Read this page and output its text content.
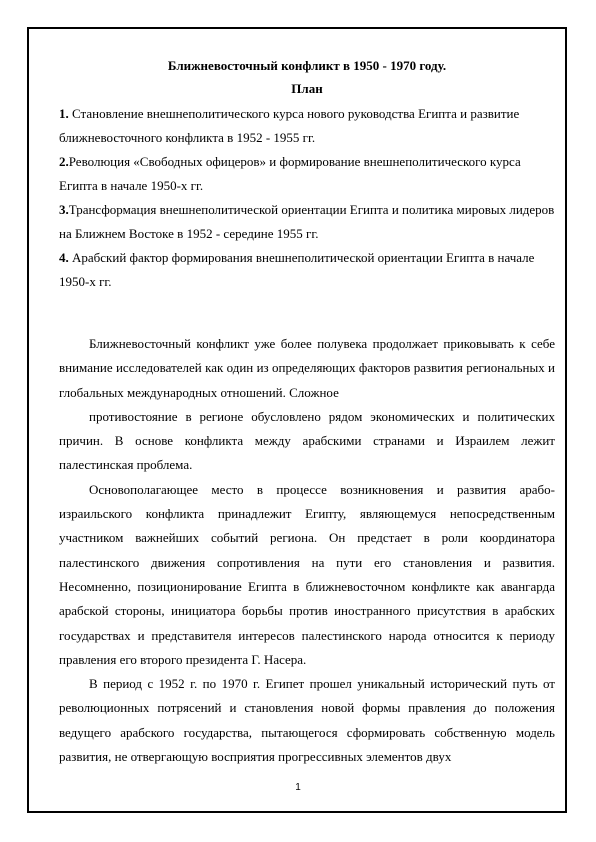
Ближневосточный конфликт в 1950 - 1970 году.

План

1. Становление внешнеполитического курса нового руководства Египта и развитие ближневосточного конфликта в 1952 - 1955 гг.

2.Революция «Свободных офицеров» и формирование внешнеполитического курса Египта в начале 1950-х гг.

3.Трансформация внешнеполитической ориентации Египта и политика мировых лидеров на Ближнем Востоке в 1952 - середине 1955 гг.

4. Арабский фактор формирования внешнеполитической ориентации Египта в начале 1950-х гг.

Ближневосточный конфликт уже более полувека продолжает приковывать к себе внимание исследователей как один из определяющих факторов развития региональных и глобальных международных отношений. Сложное

противостояние в регионе обусловлено рядом экономических и политических причин. В основе конфликта между арабскими странами и Израилем лежит палестинская проблема.

Основополагающее место в процессе возникновения и развития арабо-израильского конфликта принадлежит Египту, являющемуся непосредственным участником важнейших событий региона. Он предстает в роли координатора палестинского движения сопротивления на пути его становления и развития. Несомненно, позиционирование Египта в ближневосточном конфликте как авангарда арабской стороны, инициатора борьбы против иностранного присутствия в арабских государствах и представителя интересов палестинского народа относится к периоду правления его второго президента Г. Насера.

В период с 1952 г. по 1970 г. Египет прошел уникальный исторический путь от революционных потрясений и становления новой формы правления до положения ведущего арабского государства, пытающегося сформировать собственную модель развития, не отвергающую восприятия прогрессивных элементов двух

1
